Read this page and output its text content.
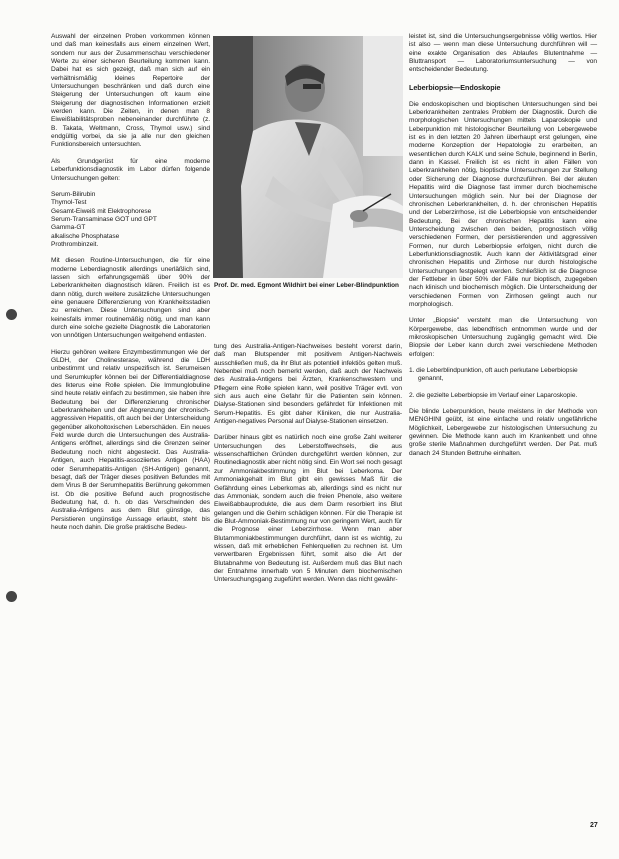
Auswahl der einzelnen Proben vorkommen können und daß man keinesfalls aus einem einzelnen Wert, sondern nur aus der Zusammenschau verschiedener Werte zu einer sicheren Beurteilung kommen kann. Dabei hat es sich gezeigt, daß man sich auf ein verhältnismäßig kleines Repertoire der Untersuchungen beschränken und daß durch eine Steigerung der Untersuchungen oft kaum eine Steigerung der diagnostischen Informationen erzielt werden kann. Die Zeiten, in denen man 8 Eiweißlabilitätsproben nebeneinander durchführte (z. B. Takata, Weltmann, Cross, Thymol usw.) sind endgültig vorbei, da sie ja alle nur den gleichen Funktionsbereich untersuchten.

Als Grundgerüst für eine moderne Leberfunktionsdiagnostik im Labor dürfen folgende Untersuchungen gelten:

Serum-Bilirubin
Thymol-Test
Gesamt-Eiweiß mit Elektrophorese
Serum-Transaminase GOT und GPT
Gamma-GT
alkalische Phosphatase
Prothrombinzeit.

Mit diesen Routine-Untersuchungen, die für eine moderne Leberdiagnostik allerdings unerläßlich sind, lassen sich erfahrungsgemäß über 90% der Leberkrankheiten diagnostisch klären. Freilich ist es dann nötig, durch weitere zusätzliche Untersuchungen eine genauere Differenzierung von Krankheitsstadien zu erreichen. Diese Untersuchungen sind aber keinesfalls immer routinemäßig nötig, und man kann durch eine solche gezielte Diagnostik die Laboratorien von unnötigen Untersuchungen weitgehend entlasten.

Hierzu gehören weitere Enzymbestimmungen wie der GLDH, der Cholinesterase, während die LDH unbestimmt und relativ unspezifisch ist. Serumeisen und Serumkupfer können bei der Differentialdiagnose des Ikterus eine Rolle spielen. Die Immunglobuline sind heute relativ einfach zu bestimmen, sie haben ihre Bedeutung bei der Differenzierung chronischer Leberkrankheiten und der Abgrenzung der chronisch-aggressiven Hepatitis, oft auch bei der Unterscheidung gegenüber alkoholtoxischen Leberschäden. Ein neues Feld wurde durch die Untersuchungen des Australia-Antigens eröffnet, allerdings sind die Grenzen seiner Bedeutung noch nicht abgesteckt. Das Australia-Antigen, auch Hepatitis-assoziiertes Antigen (HAA) oder Serumhepatitis-Antigen (SH-Antigen) genannt, besagt, daß der Träger dieses positiven Befundes mit dem Virus B der Serumhepatitis Berührung gekommen ist. Ob die positive Befund auch prognostische Bedeutung hat, d. h. ob das Verschwinden des Australia-Antigens aus dem Blut günstige, das Persistieren ungünstige Aussage erlaubt, steht bis heute noch dahin. Die große praktische Bedeu-

Prof. Dr. med. Egmont Wildhirt bei einer Leber-Blindpunktion

tung des Australia-Antigen-Nachweises besteht vorerst darin, daß man Blutspender mit positivem Antigen-Nachweis ausschließen muß, da ihr Blut als potentiell infektiös gelten muß. Nebenbei muß noch bemerkt werden, daß auch der Nachweis des Australia-Antigens bei Ärzten, Krankenschwestern und Pflegern eine Rolle spielen kann, weil positive Träger evtl. von sich aus auch eine Gefahr für die Patienten sein können. Dialyse-Stationen sind besonders gefährdet für Infektionen mit Serum-Hepatitis. Es gibt daher Kliniken, die nur Australia-Antigen-negatives Personal auf Dialyse-Stationen einsetzen.

Darüber hinaus gibt es natürlich noch eine große Zahl weiterer Untersuchungen des Leberstoffwechsels, die aus wissenschaftlichen Gründen durchgeführt werden können, zur Routinediagnostik aber nicht nötig sind. Ein Wort sei noch gesagt zur Ammoniakbestimmung im Blut bei Leberkoma. Der Ammoniakgehalt im Blut gibt ein gewisses Maß für die Gefährdung eines Leberkomas ab, allerdings sind es nicht nur das Ammoniak, sondern auch die freien Phenole, also weitere Eiweißabbauprodukte, die aus dem Darm resorbiert ins Blut gelangen und die Gehirn schädigen können. Für die Therapie ist die Blut-Ammoniak-Bestimmung nur von geringem Wert, auch für die Prognose einer Leberzirrhose. Wenn man aber Blutammoniakbestimmungen durchführt, dann ist es wichtig, zu wissen, daß mit erheblichen Fehlerquellen zu rechnen ist. Um verwertbaren Ergebnissen führt, somit also die Art der Blutabnahme von Bedeutung ist. Außerdem muß das Blut nach der Entnahme innerhalb von 5 Minuten dem biochemischen Untersuchungsgang zugeführt werden. Wenn das nicht gewähr-

leistet ist, sind die Untersuchungsergebnisse völlig wertlos. Hier ist also — wenn man diese Untersuchung durchführen will — eine exakte Organisation des Ablaufes Blutentnahme — Bluttransport — Laboratoriumsuntersuchung — von entscheidender Bedeutung.

Leberbiopsie—Endoskopie

Die endoskopischen und bioptischen Untersuchungen sind bei Leberkrankheiten zentrales Problem der Diagnostik. Durch die morphologischen Untersuchungen mittels Laparoskopie und Leberpunktion mit histologischer Beurteilung von Lebergewebe ist es in den letzten 20 Jahren überhaupt erst gelungen, eine moderne Konzeption der Hepatologie zu erarbeiten, an wesentlichen durch KALK und seine Schule, beginnend in Berlin, dann in Kassel. Freilich ist es nicht in allen Fällen von Leberkrankheiten nötig, bioptische Untersuchungen zur Stellung oder Sicherung der Diagnose durchzuführen. Bei der akuten Hepatitis wird die Diagnose fast immer durch biochemische Untersuchungen möglich sein. Nur bei der Diagnose der chronischen Leberkrankheiten, d. h. der chronischen Hepatitis und der Leberzirrhose, ist die Leberbiopsie von entscheidender Bedeutung. Bei der chronischen Hepatitis kann eine Unterscheidung zwischen den beiden, prognostisch völlig verschiedenen Formen, der persistierenden und aggressiven Formen, nur durch Leberbiopsie erfolgen, nicht durch die Leberfunktionsdiagnostik. Auch kann der Aktivitätsgrad einer chronischen Hepatitis und Zirrhose nur durch histologische Untersuchungen festgelegt werden. Schließlich ist die Diagnose der Fettleber in über 50% der Fälle nur bioptisch, zugegeben nach klinisch und biochemisch möglich. Die Unterscheidung der verschiedenen Formen von Zirrhosen gelingt auch nur morphologisch.

Unter „Biopsie" versteht man die Untersuchung von Körpergewebe, das lebendfrisch entnommen wurde und der mikroskopischen Untersuchung zugänglig gemacht wird. Die Biopsie der Leber kann durch zwei verschiedene Methoden erfolgen:

1. die Leberblindpunktion, oft auch perkutane Leberbiopsie genannt,

2. die gezielte Leberbiopsie im Verlauf einer Laparoskopie.

Die blinde Leberpunktion, heute meistens in der Methode von MENGHINI geübt, ist eine einfache und relativ ungefährliche Möglichkeit, Lebergewebe zur histologischen Untersuchung zu gewinnen. Die Methode kann auch im Krankenbett und ohne große sterile Maßnahmen durchgeführt werden. Der Pat. muß danach 24 Stunden Bettruhe einhalten.

27
